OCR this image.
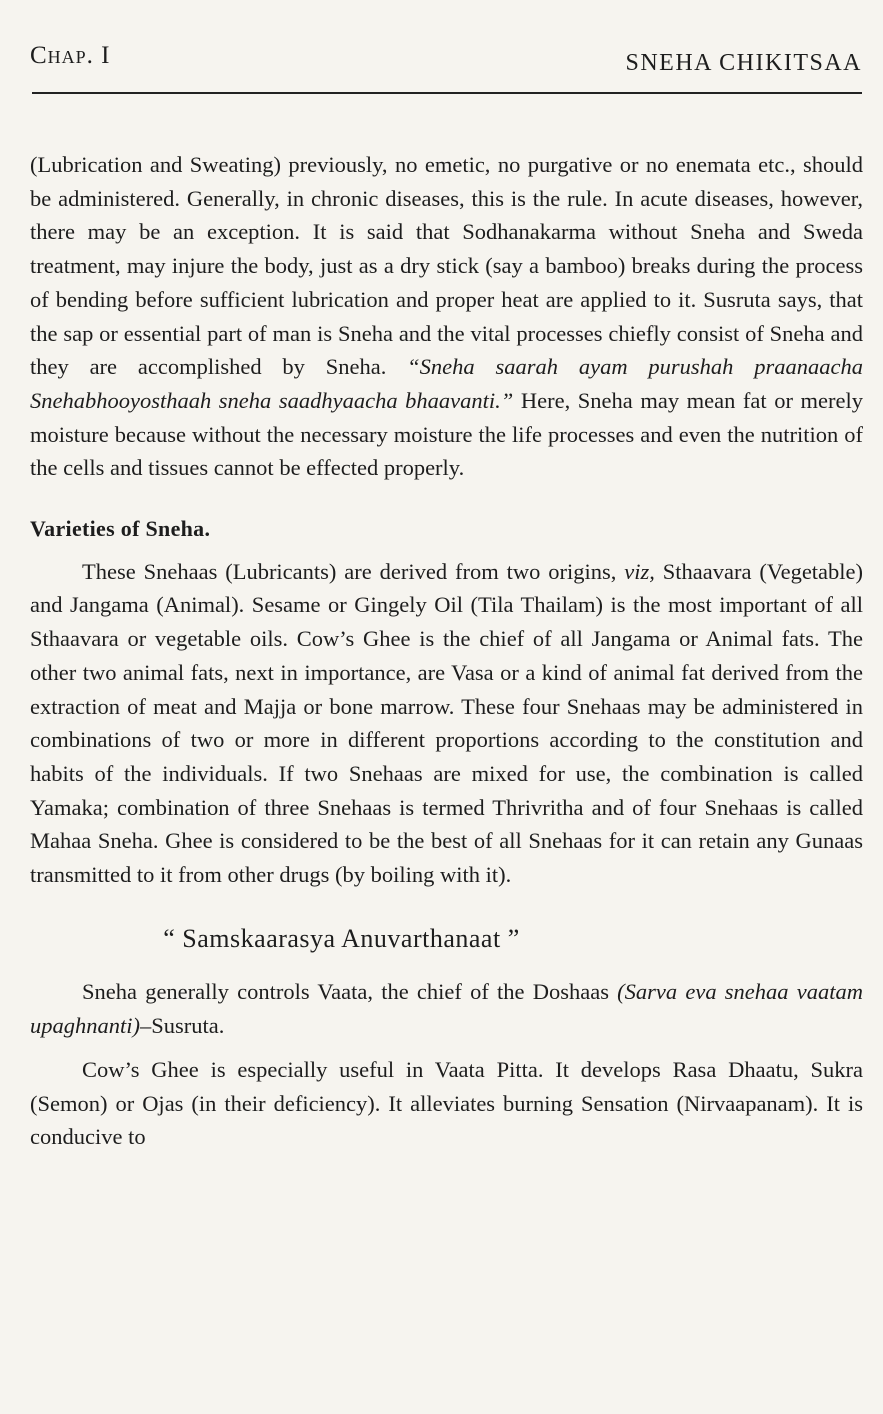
Chap. I	SNEHA CHIKITSAA

(Lubrication and Sweating) previously, no emetic, no purgative or no enemata etc., should be administered. Generally, in chronic diseases, this is the rule. In acute diseases, however, there may be an exception. It is said that Sodhanakarma without Sneha and Sweda treatment, may injure the body, just as a dry stick (say a bamboo) breaks during the process of bending before sufficient lubrication and proper heat are applied to it. Susruta says, that the sap or essential part of man is Sneha and the vital processes chiefly consist of Sneha and they are accomplished by Sneha. “Sneha saarah ayam purushah praanaacha Snehabhooyosthaah sneha saadhyaacha bhaavanti.” Here, Sneha may mean fat or merely moisture because without the necessary moisture the life processes and even the nutrition of the cells and tissues cannot be effected properly.

Varieties of Sneha.

These Snehaas (Lubricants) are derived from two origins, viz, Sthaavara (Vegetable) and Jangama (Animal). Sesame or Gingely Oil (Tila Thailam) is the most important of all Sthaavara or vegetable oils. Cow’s Ghee is the chief of all Jangama or Animal fats. The other two animal fats, next in importance, are Vasa or a kind of animal fat derived from the extraction of meat and Majja or bone marrow. These four Snehaas may be administered in combinations of two or more in different proportions according to the constitution and habits of the individuals. If two Snehaas are mixed for use, the combination is called Yamaka; combination of three Snehaas is termed Thrivritha and of four Snehaas is called Mahaa Sneha. Ghee is considered to be the best of all Snehaas for it can retain any Gunaas transmitted to it from other drugs (by boiling with it).

“ Samskaarasya Anuvarthanaat ”

Sneha generally controls Vaata, the chief of the Doshaas (Sarva eva snehaa vaatam upaghnanti)–Susruta.

Cow’s Ghee is especially useful in Vaata Pitta. It develops Rasa Dhaatu, Sukra (Semon) or Ojas (in their deficiency). It alleviates burning Sensation (Nirvaapanam). It is conducive to
